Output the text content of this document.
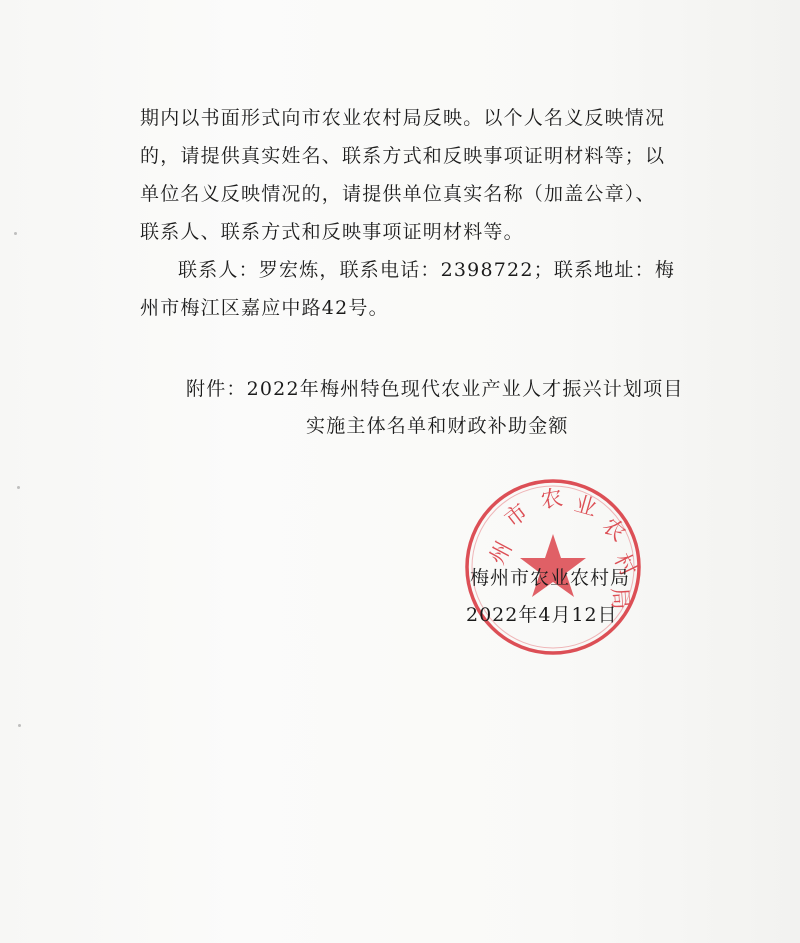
期内以书面形式向市农业农村局反映。以个人名义反映情况
的，请提供真实姓名、联系方式和反映事项证明材料等；以
单位名义反映情况的，请提供单位真实名称（加盖公章）、
联系人、联系方式和反映事项证明材料等。
联系人：罗宏炼，联系电话：2398722；联系地址：梅
州市梅江区嘉应中路42号。
附件：2022年梅州特色现代农业产业人才振兴计划项目
实施主体名单和财政补助金额
州
市 农 业
农
村
局
梅州市农业农村局
2022年4月12日
